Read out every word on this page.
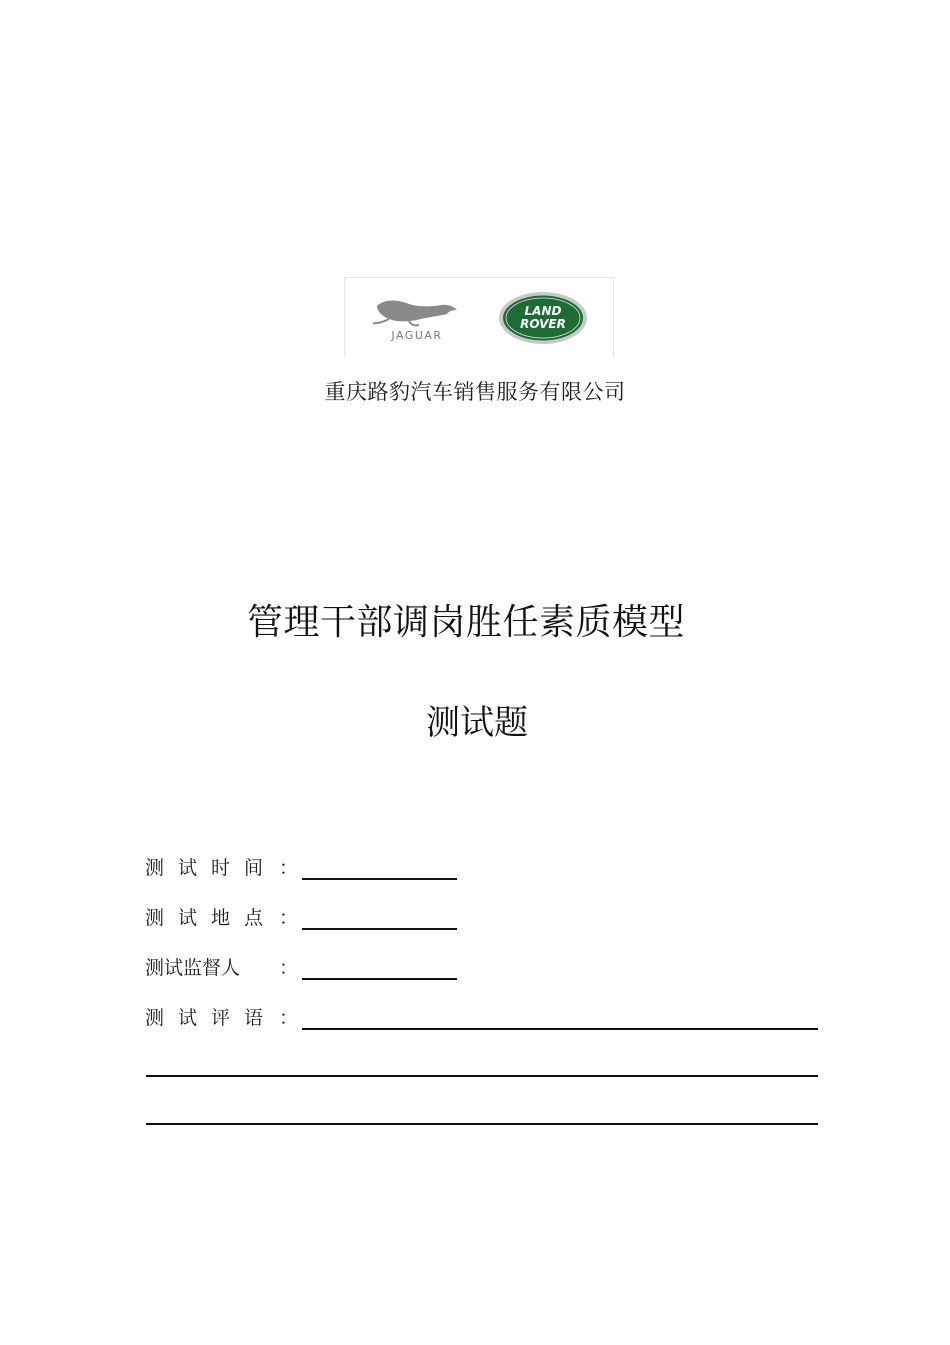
JAGUAR
LAND
ROVER
重庆路豹汽车销售服务有限公司
管理干部调岗胜任素质模型
测试题
测试时间 ：
测试地点 ：
测试监督人	：
测试评语 ：
